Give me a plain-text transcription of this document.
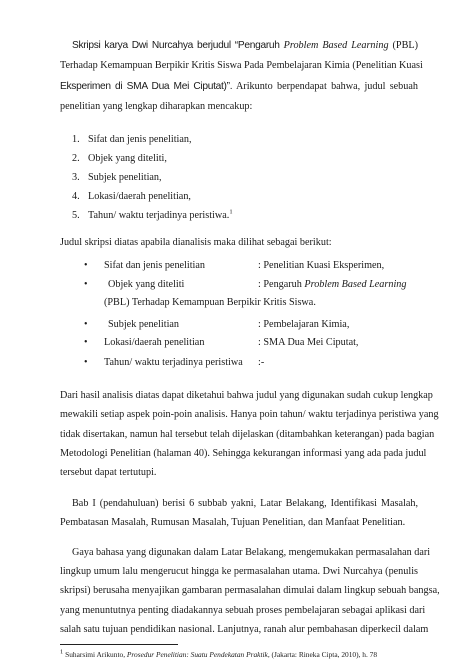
Skripsi karya Dwi Nurcahya berjudul “Pengaruh Problem Based Learning (PBL)
Terhadap Kemampuan Berpikir Kritis Siswa Pada Pembelajaran Kimia (Penelitian Kuasi
Eksperimen di SMA Dua Mei Ciputat)”. Arikunto berpendapat bahwa, judul sebuah
penelitian yang lengkap diharapkan mencakup:
1. Sifat dan jenis penelitian,
2. Objek yang diteliti,
3. Subjek penelitian,
4. Lokasi/daerah penelitian,
5. Tahun/ waktu terjadinya peristiwa.$^1$
Judul skripsi diatas apabila dianalisis maka dilihat sebagai berikut:
• Sifat dan jenis penelitian	: Penelitian Kuasi Eksperimen,
• Objek yang diteliti	: Pengaruh Problem Based Learning
(PBL) Terhadap Kemampuan Berpikir Kritis Siswa.
• Subjek penelitian	: Pembelajaran Kimia,
• Lokasi/daerah penelitian	: SMA Dua Mei Ciputat,
• Tahun/ waktu terjadinya peristiwa :-
Dari hasil analisis diatas dapat diketahui bahwa judul yang digunakan sudah cukup lengkap
mewakili setiap aspek poin-poin analisis. Hanya poin tahun/ waktu terjadinya peristiwa yang
tidak disertakan, namun hal tersebut telah dijelaskan (ditambahkan keterangan) pada bagian
Metodologi Penelitian (halaman 40). Sehingga kekurangan informasi yang ada pada judul
tersebut dapat tertutupi.
Bab I (pendahuluan) berisi 6 subbab yakni, Latar Belakang, Identifikasi Masalah,
Pembatasan Masalah, Rumusan Masalah, Tujuan Penelitian, dan Manfaat Penelitian.
Gaya bahasa yang digunakan dalam Latar Belakang, mengemukakan permasalahan dari
lingkup umum lalu mengerucut hingga ke permasalahan utama. Dwi Nurcahya (penulis
skripsi) berusaha menyajikan gambaran permasalahan dimulai dalam lingkup sebuah bangsa,
yang menuntutnya penting diadakannya sebuah proses pembelajaran sebagai aplikasi dari
salah satu tujuan pendidikan nasional. Lanjutnya, ranah alur pembahasan diperkecil dalam
$^1$ Suharsimi Arikunto, Prosedur Penelitian: Suatu Pendekatan Praktik, (Jakarta: Rineka Cipta, 2010), h. 78
